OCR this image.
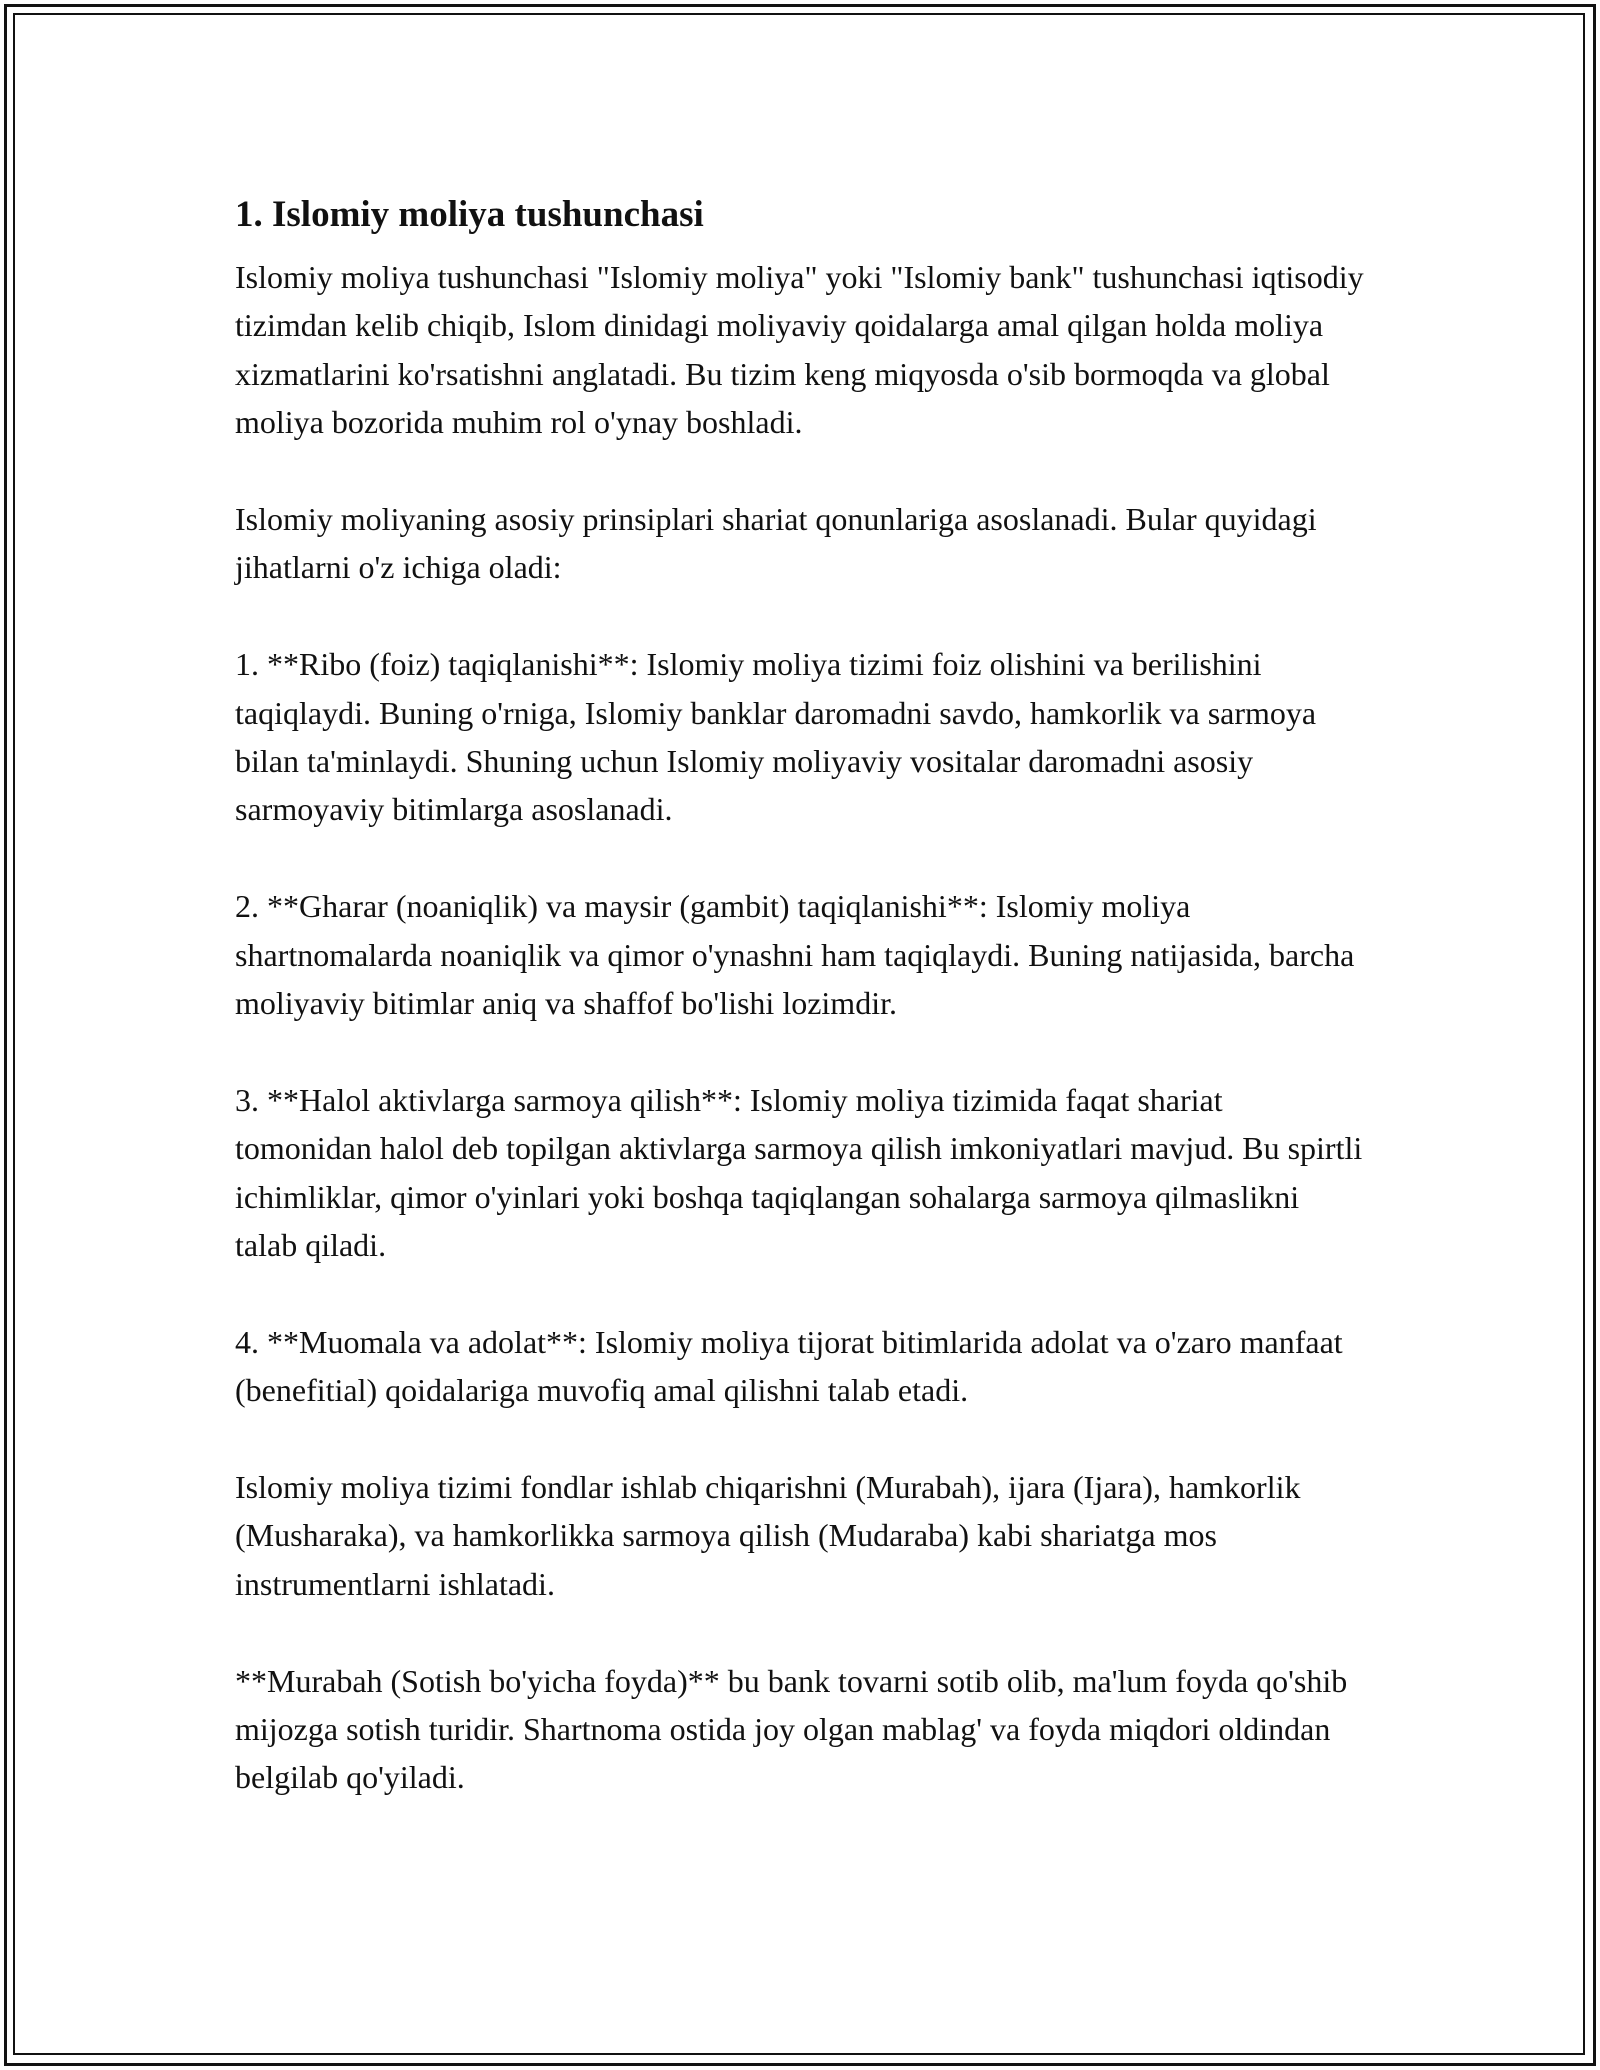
1. Islomiy moliya tushunchasi

Islomiy moliya tushunchasi "Islomiy moliya" yoki "Islomiy bank" tushunchasi iqtisodiy tizimdan kelib chiqib, Islom dinidagi moliyaviy qoidalarga amal qilgan holda moliya xizmatlarini ko'rsatishni anglatadi. Bu tizim keng miqyosda o'sib bormoqda va global moliya bozorida muhim rol o'ynay boshladi.

Islomiy moliyaning asosiy prinsiplari shariat qonunlariga asoslanadi. Bular quyidagi jihatlarni o'z ichiga oladi:

1. **Ribo (foiz) taqiqlanishi**: Islomiy moliya tizimi foiz olishini va berilishini taqiqlaydi. Buning o'rniga, Islomiy banklar daromadni savdo, hamkorlik va sarmoya bilan ta'minlaydi. Shuning uchun Islomiy moliyaviy vositalar daromadni asosiy sarmoyaviy bitimlarga asoslanadi.

2. **Gharar (noaniqlik) va maysir (gambit) taqiqlanishi**: Islomiy moliya shartnomalarda noaniqlik va qimor o'ynashni ham taqiqlaydi. Buning natijasida, barcha moliyaviy bitimlar aniq va shaffof bo'lishi lozimdir.

3. **Halol aktivlarga sarmoya qilish**: Islomiy moliya tizimida faqat shariat tomonidan halol deb topilgan aktivlarga sarmoya qilish imkoniyatlari mavjud. Bu spirtli ichimliklar, qimor o'yinlari yoki boshqa taqiqlangan sohalarga sarmoya qilmaslikni talab qiladi.

4. **Muomala va adolat**: Islomiy moliya tijorat bitimlarida adolat va o'zaro manfaat (benefitial) qoidalariga muvofiq amal qilishni talab etadi.

Islomiy moliya tizimi fondlar ishlab chiqarishni (Murabah), ijara (Ijara), hamkorlik (Musharaka), va hamkorlikka sarmoya qilish (Mudaraba) kabi shariatga mos instrumentlarni ishlatadi.

**Murabah (Sotish bo'yicha foyda)** bu bank tovarni sotib olib, ma'lum foyda qo'shib mijozga sotish turidir. Shartnoma ostida joy olgan mablag' va foyda miqdori oldindan belgilab qo'yiladi.
